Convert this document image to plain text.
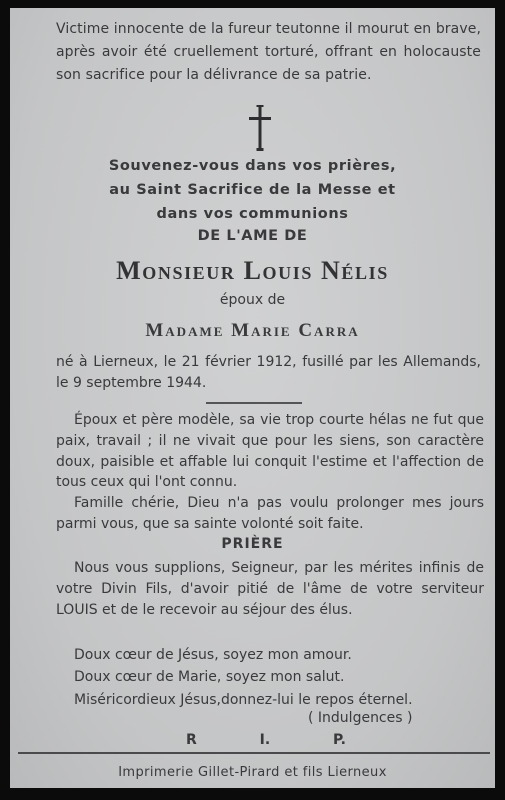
Victime innocente de la fureur teutonne il mourut en brave, après avoir été cruellement torturé, offrant en holocauste son sacrifice pour la délivrance de sa patrie.
Souvenez-vous dans vos prières,
au Saint Sacrifice de la Messe et
dans vos communions
DE L'AME DE
Monsieur Louis Nélis
époux de
Madame Marie Carra
né à Lierneux, le 21 février 1912, fusillé par les Allemands, le 9 septembre 1944.

Époux et père modèle, sa vie trop courte hélas ne fut que paix, travail ; il ne vivait que pour les siens, son caractère doux, paisible et affable lui conquit l'estime et l'affection de tous ceux qui l'ont connu.

Famille chérie, Dieu n'a pas voulu prolonger mes jours parmi vous, que sa sainte volonté soit faite.

PRIÈRE

Nous vous supplions, Seigneur, par les mérites infinis de votre Divin Fils, d'avoir pitié de l'âme de votre serviteur LOUIS et de le recevoir au séjour des élus.

Doux cœur de Jésus, soyez mon amour.
Doux cœur de Marie, soyez mon salut.
Miséricordieux Jésus,donnez-lui le repos éternel.
( Indulgences )
R	I.	P.
Imprimerie Gillet-Pirard et fils Lierneux
